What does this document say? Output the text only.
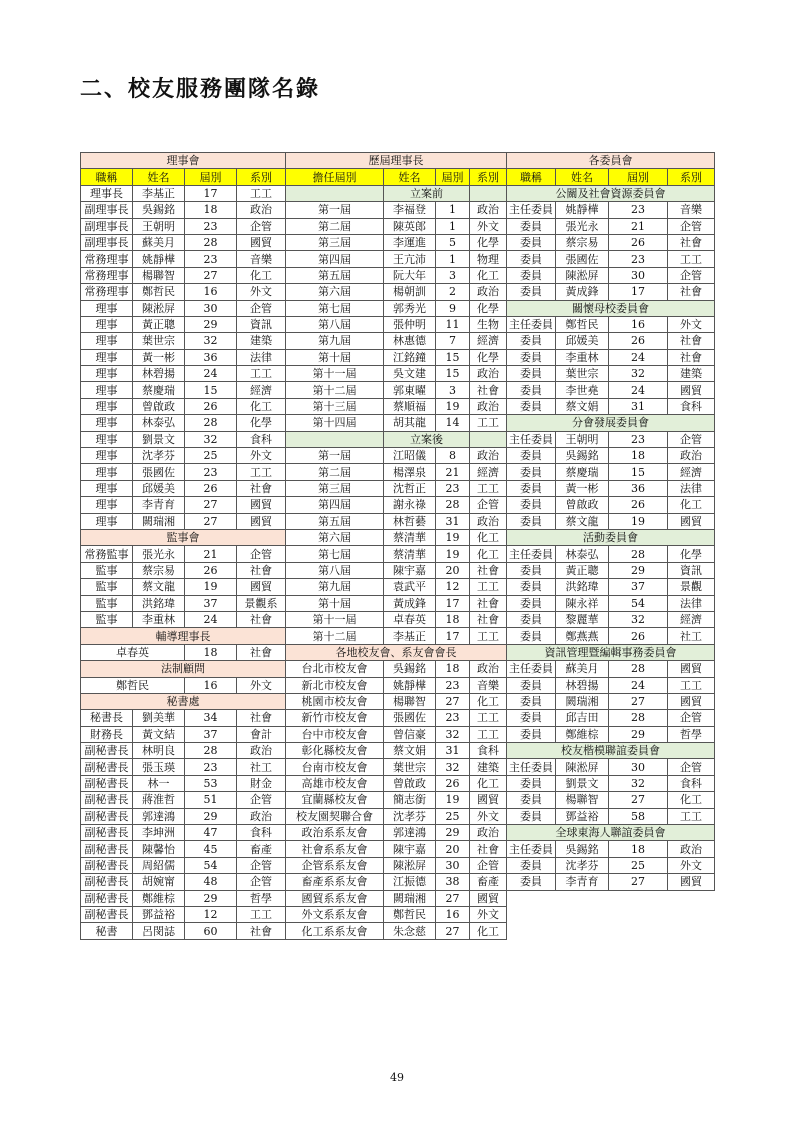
二、校友服務團隊名錄
理事會			
職稱	姓名	屆別	系別
理事長	李基正	17	工工
副理事長	吳錫銘	18	政治
副理事長	王朝明	23	企管
副理事長	蘇美月	28	國貿
常務理事	姚靜樺	23	音樂
常務理事	楊聯智	27	化工
常務理事	鄭哲民	16	外文
理事	陳淞屏	30	企管
理事	黃正聰	29	資訊
理事	葉世宗	32	建築
理事	黃一彬	36	法律
理事	林碧揚	24	工工
理事	蔡慶瑞	15	經濟
理事	曾啟政	26	化工
理事	林泰弘	28	化學
理事	劉景文	32	食科
理事	沈孝芬	25	外文
理事	張國佐	23	工工
理事	邱媛美	26	社會
理事	李青育	27	國貿
理事	闕瑞湘	27	國貿
監事會			
常務監事	張光永	21	企管
監事	蔡宗易	26	社會
監事	蔡文龍	19	國貿
監事	洪銘瑋	37	景觀系
監事	李重林	24	社會
輔導理事長			
卓春英		18	社會
法制顧問			
鄭哲民		16	外文
秘書處			
秘書長	劉美華	34	社會
財務長	黃文結	37	會計
副秘書長	林明良	28	政治
副秘書長	張玉瑛	23	社工
副秘書長	林一	53	財金
副秘書長	蔣淮哲	51	企管
副秘書長	郭達鴻	29	政治
副秘書長	李坤洲	47	食科
副秘書長	陳馨怡	45	畜產
副秘書長	周紹儒	54	企管
副秘書長	胡婉甯	48	企管
副秘書長	鄭維棕	29	哲學
副秘書長	鄧益裕	12	工工
秘書	呂閔誌	60	社會
歷屆理事長			
擔任屆別	姓名	屆別	系別
	立案前		
第一屆	李福登	1	政治
第二屆	陳英郎	1	外文
第三屆	李運進	5	化學
第四屆	王亢沛	1	物理
第五屆	阮大年	3	化工
第六屆	楊朝訓	2	政治
第七屆	郭秀光	9	化學
第八屆	張仲明	11	生物
第九屆	林惠德	7	經濟
第十屆	江銘鐘	15	化學
第十一屆	吳文建	15	政治
第十二屆	郭東曜	3	社會
第十三屆	蔡順福	19	政治
第十四屆	胡其龍	14	工工
	立案後		
第一屆	江昭儀	8	政治
第二屆	楊澤泉	21	經濟
第三屆	沈哲正	23	工工
第四屆	謝永祿	28	企管
第五屆	林哲藝	31	政治
第六屆	蔡清華	19	化工
第七屆	蔡清華	19	化工
第八屆	陳宇嘉	20	社會
第九屆	袁武平	12	工工
第十屆	黃成鋒	17	社會
第十一屆	卓春英	18	社會
第十二屆	李基正	17	工工
各地校友會、系友會會長			
台北市校友會	吳錫銘	18	政治
新北市校友會	姚靜樺	23	音樂
桃園市校友會	楊聯智	27	化工
新竹市校友會	張國佐	23	工工
台中市校友會	曾信豪	32	工工
彰化縣校友會	蔡文娟	31	食科
台南市校友會	葉世宗	32	建築
高雄市校友會	曾啟政	26	化工
宜蘭縣校友會	簡志銜	19	國貿
校友園契聯合會	沈孝芬	25	外文
政治系系友會	郭達鴻	29	政治
社會系系友會	陳宇嘉	20	社會
企管系系友會	陳淞屏	30	企管
畜產系系友會	江振德	38	畜產
國貿系系友會	闕瑞湘	27	國貿
外文系系友會	鄭哲民	16	外文
化工系系友會	朱念慈	27	化工
各委員會			
職稱	姓名	屆別	系別
公關及社會資源委員會			
主任委員	姚靜樺	23	音樂
委員	張光永	21	企管
委員	蔡宗易	26	社會
委員	張國佐	23	工工
委員	陳淞屏	30	企管
委員	黃成鋒	17	社會
關懷母校委員會			
主任委員	鄭哲民	16	外文
委員	邱媛美	26	社會
委員	李重林	24	社會
委員	葉世宗	32	建築
委員	李世堯	24	國貿
委員	蔡文娟	31	食科
分會發展委員會			
主任委員	王朝明	23	企管
委員	吳錫銘	18	政治
委員	蔡慶瑞	15	經濟
委員	黃一彬	36	法律
委員	曾啟政	26	化工
委員	蔡文龍	19	國貿
活動委員會			
主任委員	林泰弘	28	化學
委員	黃正聰	29	資訊
委員	洪銘瑋	37	景觀
委員	陳永祥	54	法律
委員	黎麗華	32	經濟
委員	鄭燕燕	26	社工
資訊管理暨編輯事務委員會			
主任委員	蘇美月	28	國貿
委員	林碧揚	24	工工
委員	闕瑞湘	27	國貿
委員	邱吉田	28	企管
委員	鄭維棕	29	哲學
校友楷模聯誼委員會			
主任委員	陳淞屏	30	企管
委員	劉景文	32	食科
委員	楊聯智	27	化工
委員	鄧益裕	58	工工
全球東海人聯誼委員會			
主任委員	吳錫銘	18	政治
委員	沈孝芬	25	外文
委員	李青育	27	國貿

49
